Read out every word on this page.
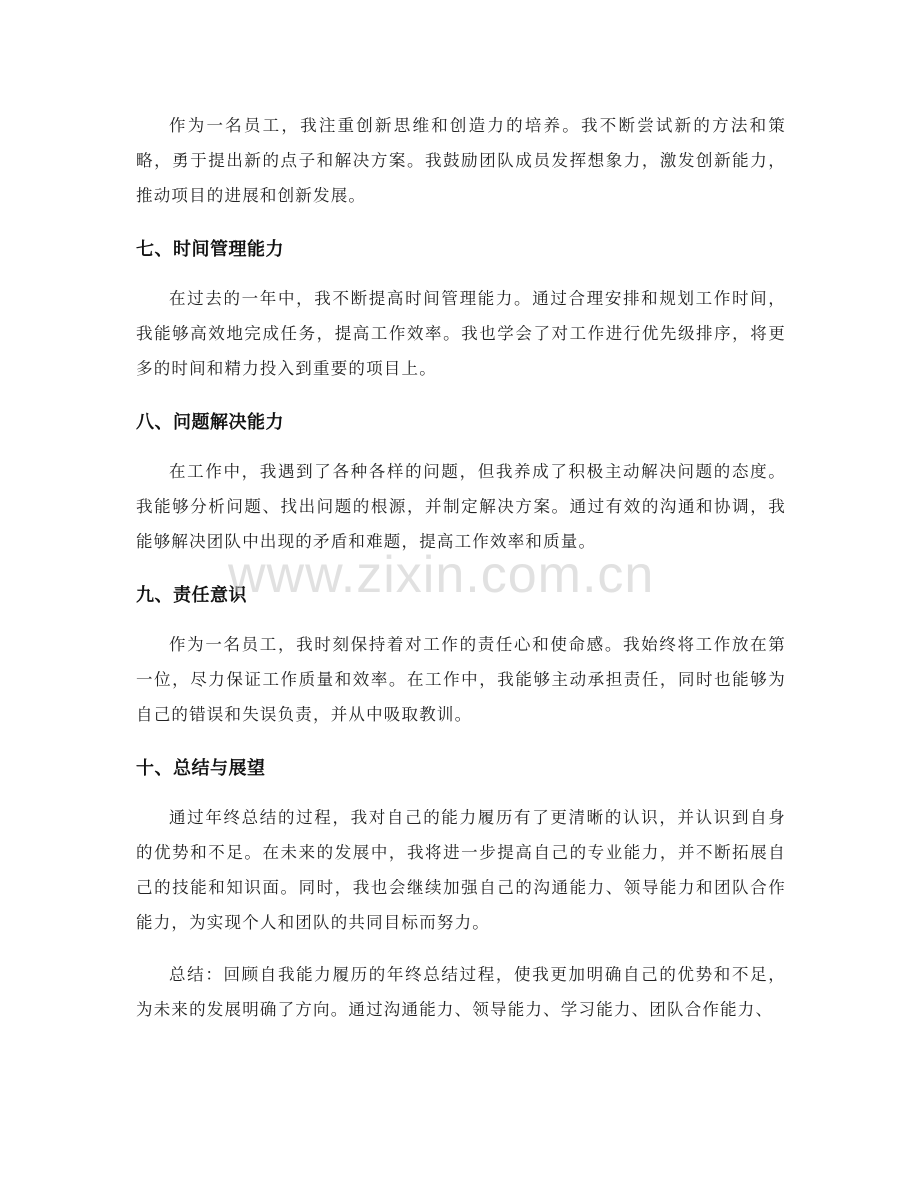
作为一名员工，我注重创新思维和创造力的培养。我不断尝试新的方法和策略，勇于提出新的点子和解决方案。我鼓励团队成员发挥想象力，激发创新能力，推动项目的进展和创新发展。

七、时间管理能力

在过去的一年中，我不断提高时间管理能力。通过合理安排和规划工作时间，我能够高效地完成任务，提高工作效率。我也学会了对工作进行优先级排序，将更多的时间和精力投入到重要的项目上。

八、问题解决能力

在工作中，我遇到了各种各样的问题，但我养成了积极主动解决问题的态度。我能够分析问题、找出问题的根源，并制定解决方案。通过有效的沟通和协调，我能够解决团队中出现的矛盾和难题，提高工作效率和质量。

九、责任意识

作为一名员工，我时刻保持着对工作的责任心和使命感。我始终将工作放在第一位，尽力保证工作质量和效率。在工作中，我能够主动承担责任，同时也能够为自己的错误和失误负责，并从中吸取教训。

十、总结与展望

通过年终总结的过程，我对自己的能力履历有了更清晰的认识，并认识到自身的优势和不足。在未来的发展中，我将进一步提高自己的专业能力，并不断拓展自己的技能和知识面。同时，我也会继续加强自己的沟通能力、领导能力和团队合作能力，为实现个人和团队的共同目标而努力。

总结：回顾自我能力履历的年终总结过程，使我更加明确自己的优势和不足，为未来的发展明确了方向。通过沟通能力、领导能力、学习能力、团队合作能力、

www.zixin.com.cn
